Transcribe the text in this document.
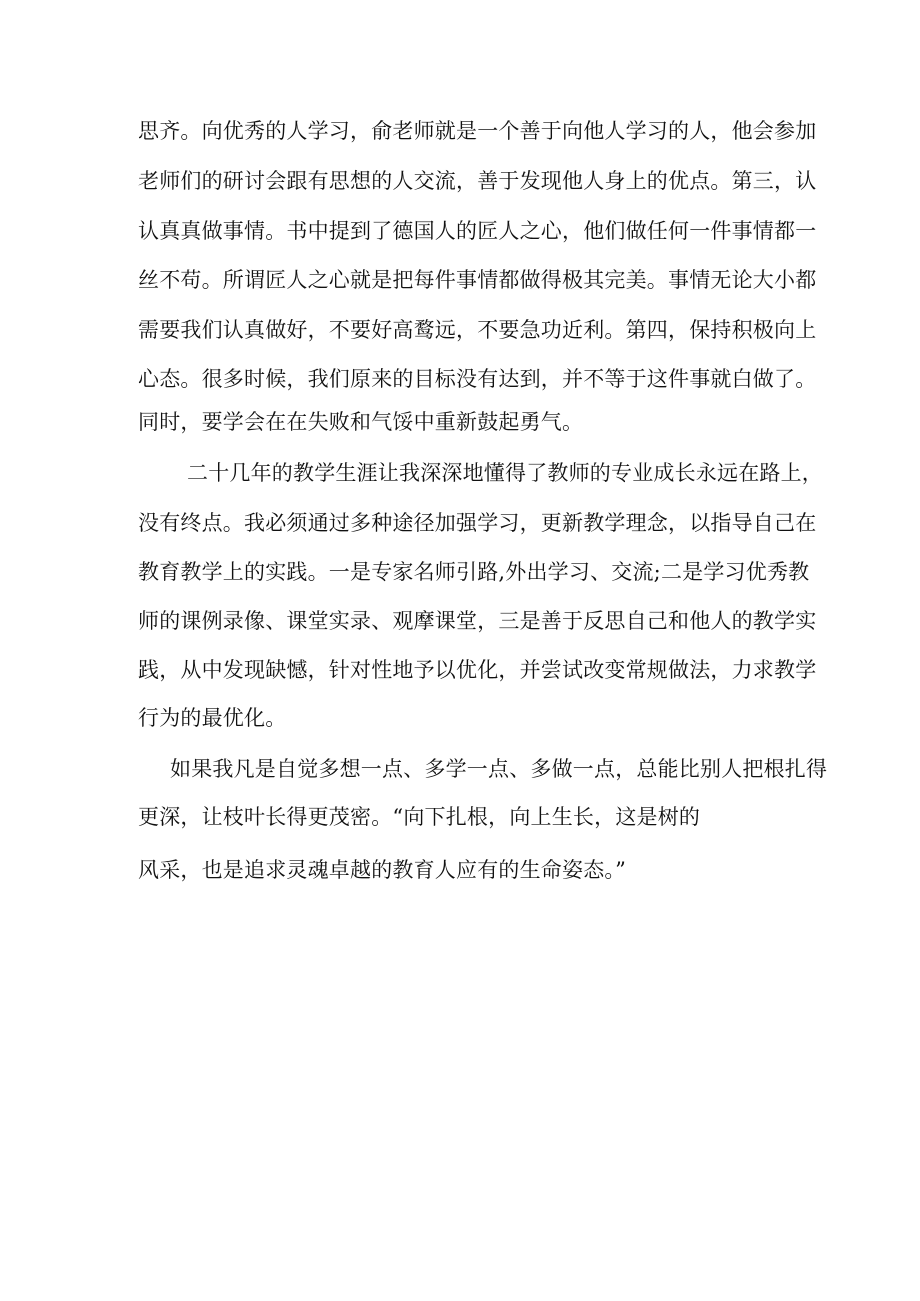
思齐。向优秀的人学习，俞老师就是一个善于向他人学习的人，他会参加
老师们的研讨会跟有思想的人交流，善于发现他人身上的优点。第三，认
认真真做事情。书中提到了德国人的匠人之心，他们做任何一件事情都一
丝不苟。所谓匠人之心就是把每件事情都做得极其完美。事情无论大小都
需要我们认真做好，不要好高鹜远，不要急功近利。第四，保持积极向上
心态。很多时候，我们原来的目标没有达到，并不等于这件事就白做了。
同时，要学会在在失败和气馁中重新鼓起勇气。
二十几年的教学生涯让我深深地懂得了教师的专业成长永远在路上，
没有终点。我必须通过多种途径加强学习，更新教学理念，以指导自己在
教育教学上的实践。一是专家名师引路,外出学习、交流;二是学习优秀教
师的课例录像、课堂实录、观摩课堂，三是善于反思自己和他人的教学实
践，从中发现缺憾，针对性地予以优化，并尝试改变常规做法，力求教学
行为的最优化。
如果我凡是自觉多想一点、多学一点、多做一点，总能比别人把根扎得
更深，让枝叶长得更茂密。“向下扎根，向上生长，这是树的
风采，也是追求灵魂卓越的教育人应有的生命姿态。”
